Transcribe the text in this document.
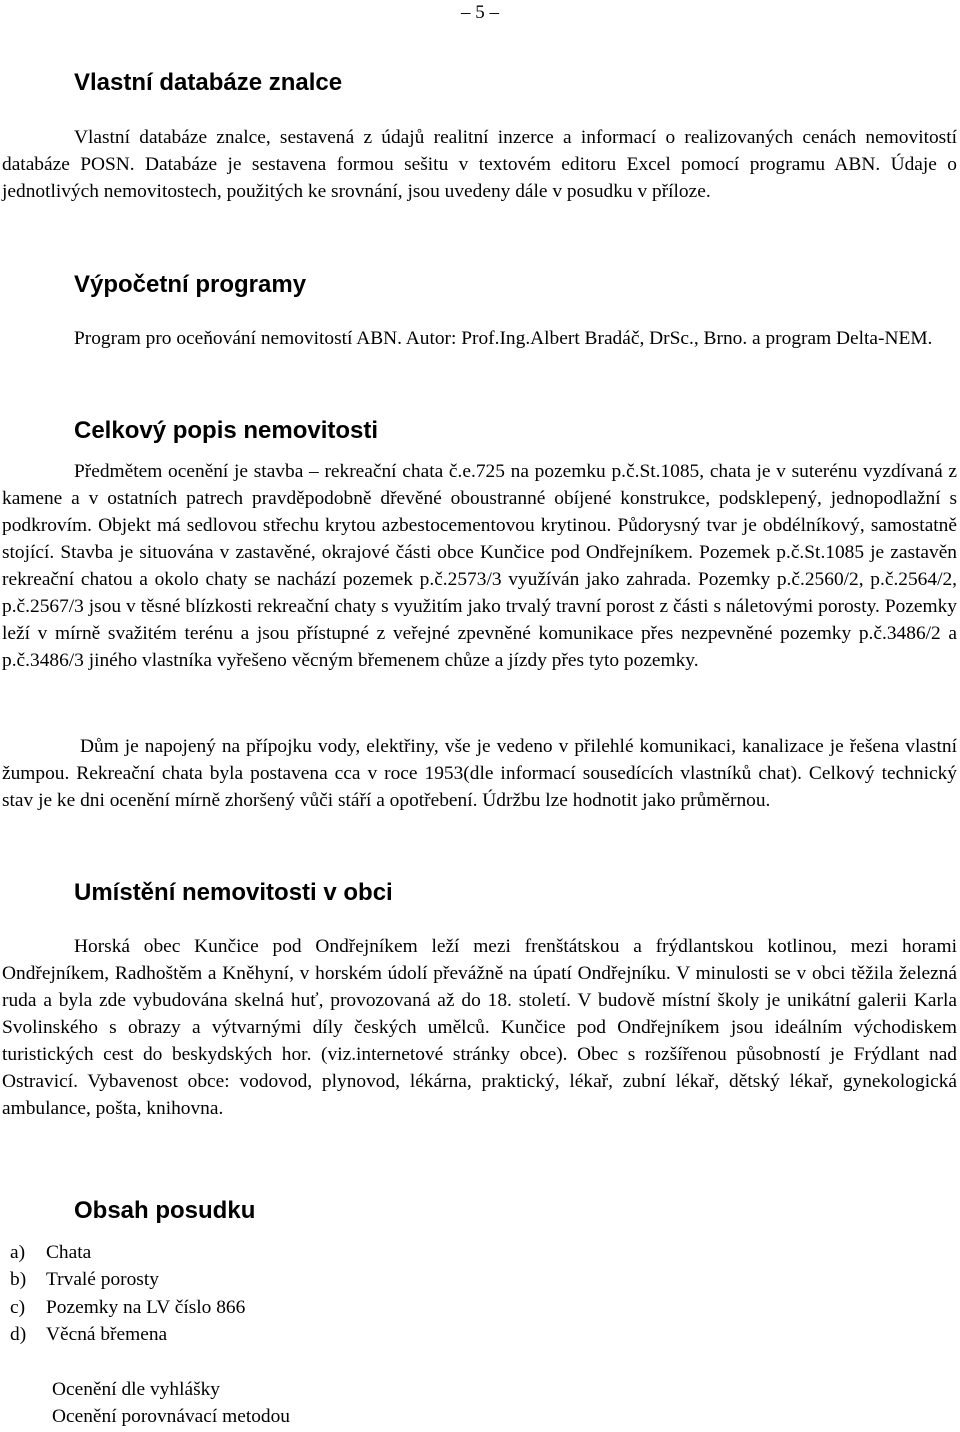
– 5 –
Vlastní databáze znalce

Vlastní databáze znalce, sestavená z údajů realitní inzerce a informací o realizovaných cenách nemovitostí databáze POSN. Databáze je sestavena formou sešitu v textovém editoru Excel pomocí programu ABN. Údaje o jednotlivých nemovitostech, použitých ke srovnání, jsou uvedeny dále v posudku v příloze.

Výpočetní programy

Program pro oceňování nemovitostí ABN. Autor: Prof.Ing.Albert Bradáč, DrSc., Brno. a program Delta-NEM.

Celkový popis nemovitosti

Předmětem ocenění je stavba – rekreační chata č.e.725 na pozemku p.č.St.1085, chata je v suterénu vyzdívaná z kamene a v ostatních patrech pravděpodobně dřevěné oboustranné obíjené konstrukce, podsklepený, jednopodlažní s podkrovím. Objekt má sedlovou střechu krytou azbestocementovou krytinou. Půdorysný tvar je obdélníkový, samostatně stojící. Stavba je situována v zastavěné, okrajové části obce Kunčice pod Ondřejníkem. Pozemek p.č.St.1085 je zastavěn rekreační chatou a okolo chaty se nachází pozemek p.č.2573/3 využíván jako zahrada. Pozemky p.č.2560/2, p.č.2564/2, p.č.2567/3 jsou v těsné blízkosti rekreační chaty s využitím jako trvalý travní porost z části s náletovými porosty. Pozemky leží v mírně svažitém terénu a jsou přístupné z veřejné zpevněné komunikace přes nezpevněné pozemky p.č.3486/2 a p.č.3486/3 jiného vlastníka vyřešeno věcným břemenem chůze a jízdy přes tyto pozemky.

Dům je napojený na přípojku vody, elektřiny, vše je vedeno v přilehlé komunikaci, kanalizace je řešena vlastní žumpou. Rekreační chata byla postavena cca v roce 1953(dle informací sousedících vlastníků chat). Celkový technický stav je ke dni ocenění mírně zhoršený vůči stáří a opotřebení. Údržbu lze hodnotit jako průměrnou.

Umístění nemovitosti v obci

Horská obec Kunčice pod Ondřejníkem leží mezi frenštátskou a frýdlantskou kotlinou, mezi horami Ondřejníkem, Radhoštěm a Kněhyní, v horském údolí převážně na úpatí Ondřejníku. V minulosti se v obci těžila železná ruda a byla zde vybudována skelná huť, provozovaná až do 18. století. V budově místní školy je unikátní galerii Karla Svolinského s obrazy a výtvarnými díly českých umělců. Kunčice pod Ondřejníkem jsou ideálním východiskem turistických cest do beskydských hor. (viz.internetové stránky obce). Obec s rozšířenou působností je Frýdlant nad Ostravicí. Vybavenost obce: vodovod, plynovod, lékárna, praktický, lékař, zubní lékař, dětský lékař, gynekologická ambulance, pošta, knihovna.

Obsah posudku
a) Chata
b) Trvalé porosty
c) Pozemky na LV číslo 866
d) Věcná břemena
Ocenění dle vyhlášky
Ocenění porovnávací metodou
